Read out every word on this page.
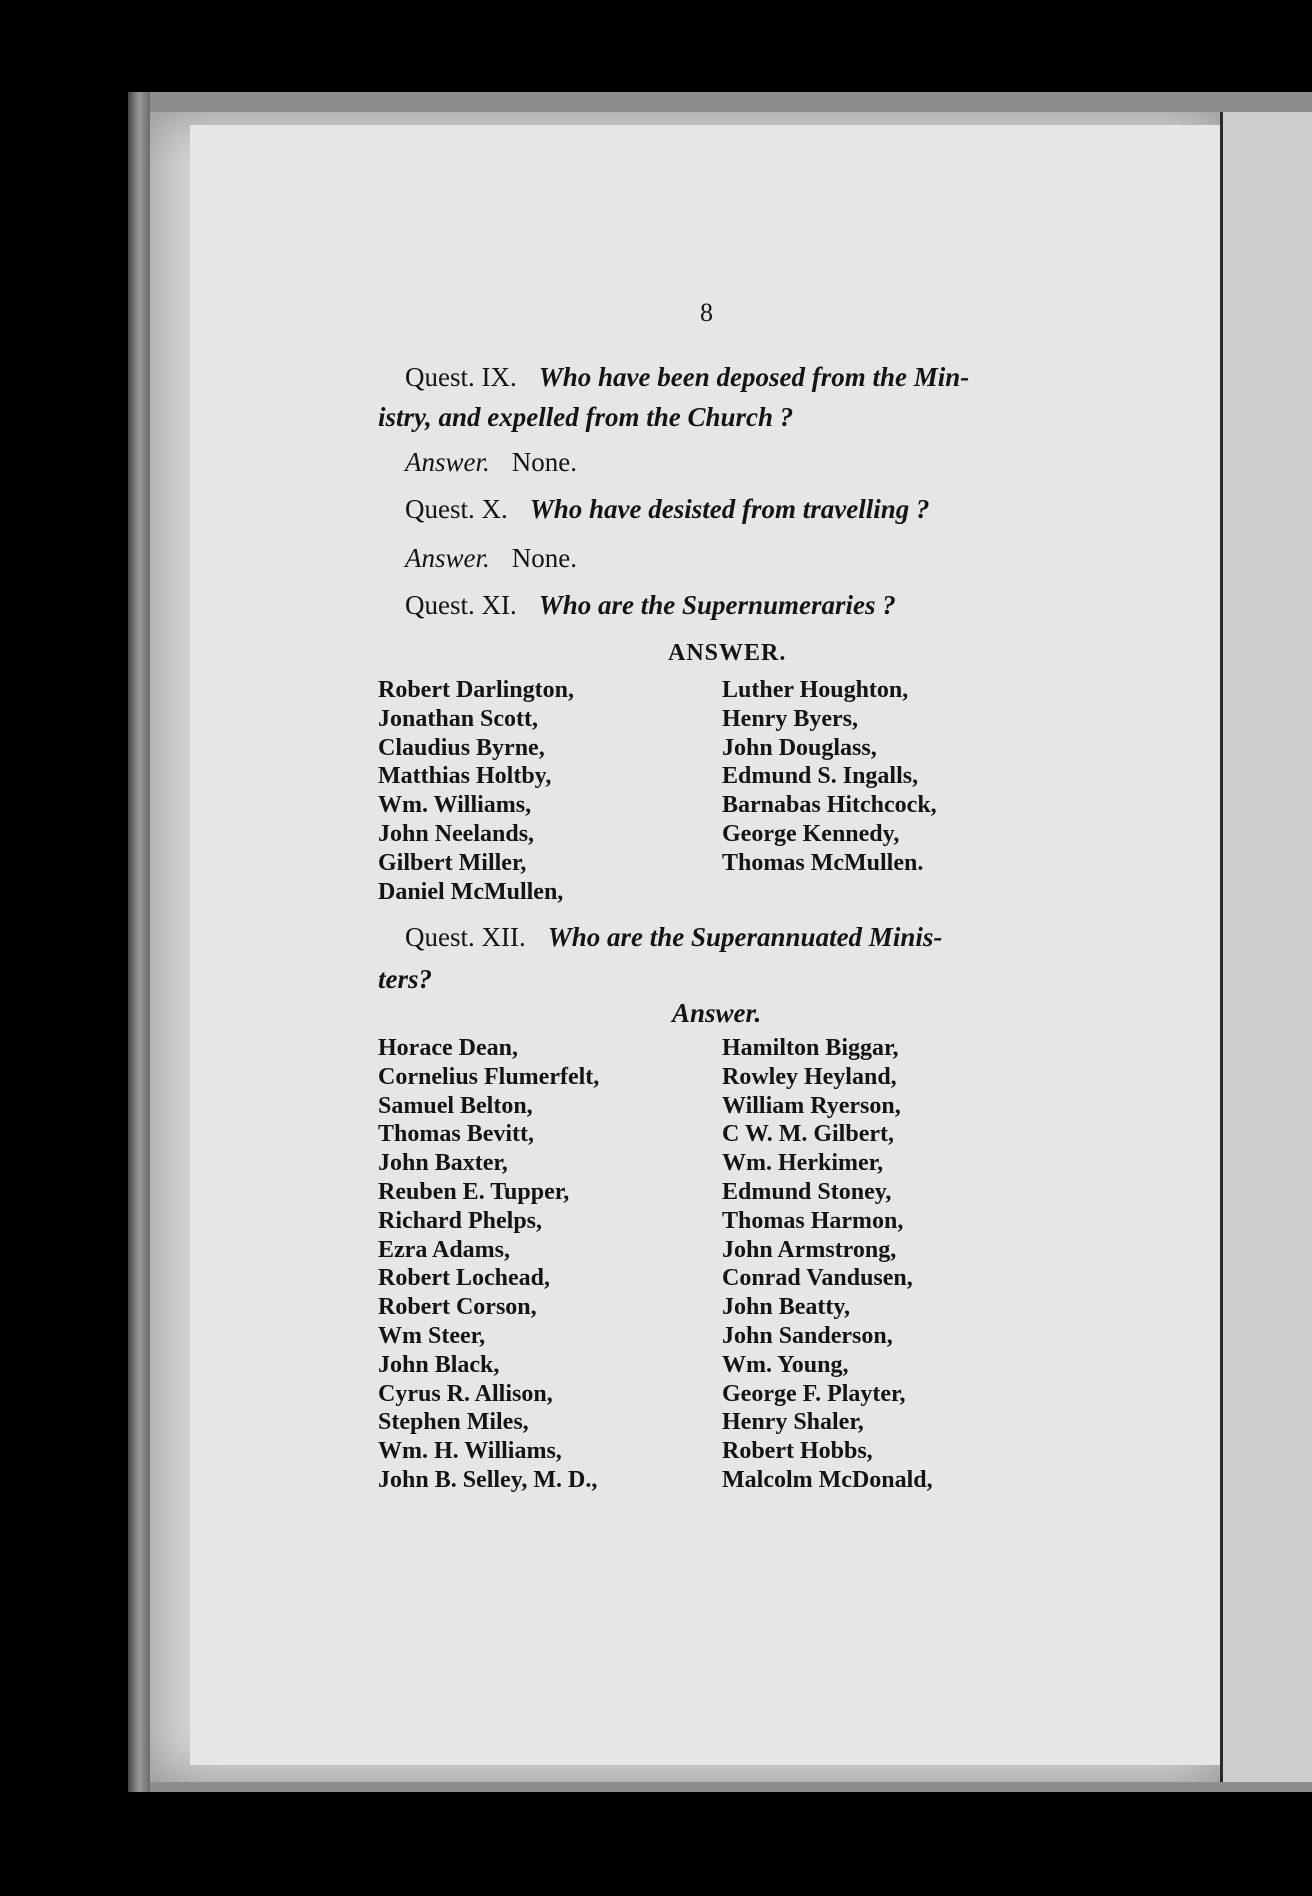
8
Quest. IX. Who have been deposed from the Min-
istry, and expelled from the Church ?
Answer. None.
Quest. X. Who have desisted from travelling ?
Answer. None.
Quest. XI. Who are the Supernumeraries ?
ANSWER.
Robert Darlington,
Jonathan Scott,
Claudius Byrne,
Matthias Holtby,
Wm. Williams,
John Neelands,
Gilbert Miller,
Daniel McMullen,
Luther Houghton,
Henry Byers,
John Douglass,
Edmund S. Ingalls,
Barnabas Hitchcock,
George Kennedy,
Thomas McMullen.
Quest. XII. Who are the Superannuated Minis-
ters?
Answer.
Horace Dean,
Cornelius Flumerfelt,
Samuel Belton,
Thomas Bevitt,
John Baxter,
Reuben E. Tupper,
Richard Phelps,
Ezra Adams,
Robert Lochead,
Robert Corson,
Wm Steer,
John Black,
Cyrus R. Allison,
Stephen Miles,
Wm. H. Williams,
John B. Selley, M. D.,
Hamilton Biggar,
Rowley Heyland,
William Ryerson,
C W. M. Gilbert,
Wm. Herkimer,
Edmund Stoney,
Thomas Harmon,
John Armstrong,
Conrad Vandusen,
John Beatty,
John Sanderson,
Wm. Young,
George F. Playter,
Henry Shaler,
Robert Hobbs,
Malcolm McDonald,
